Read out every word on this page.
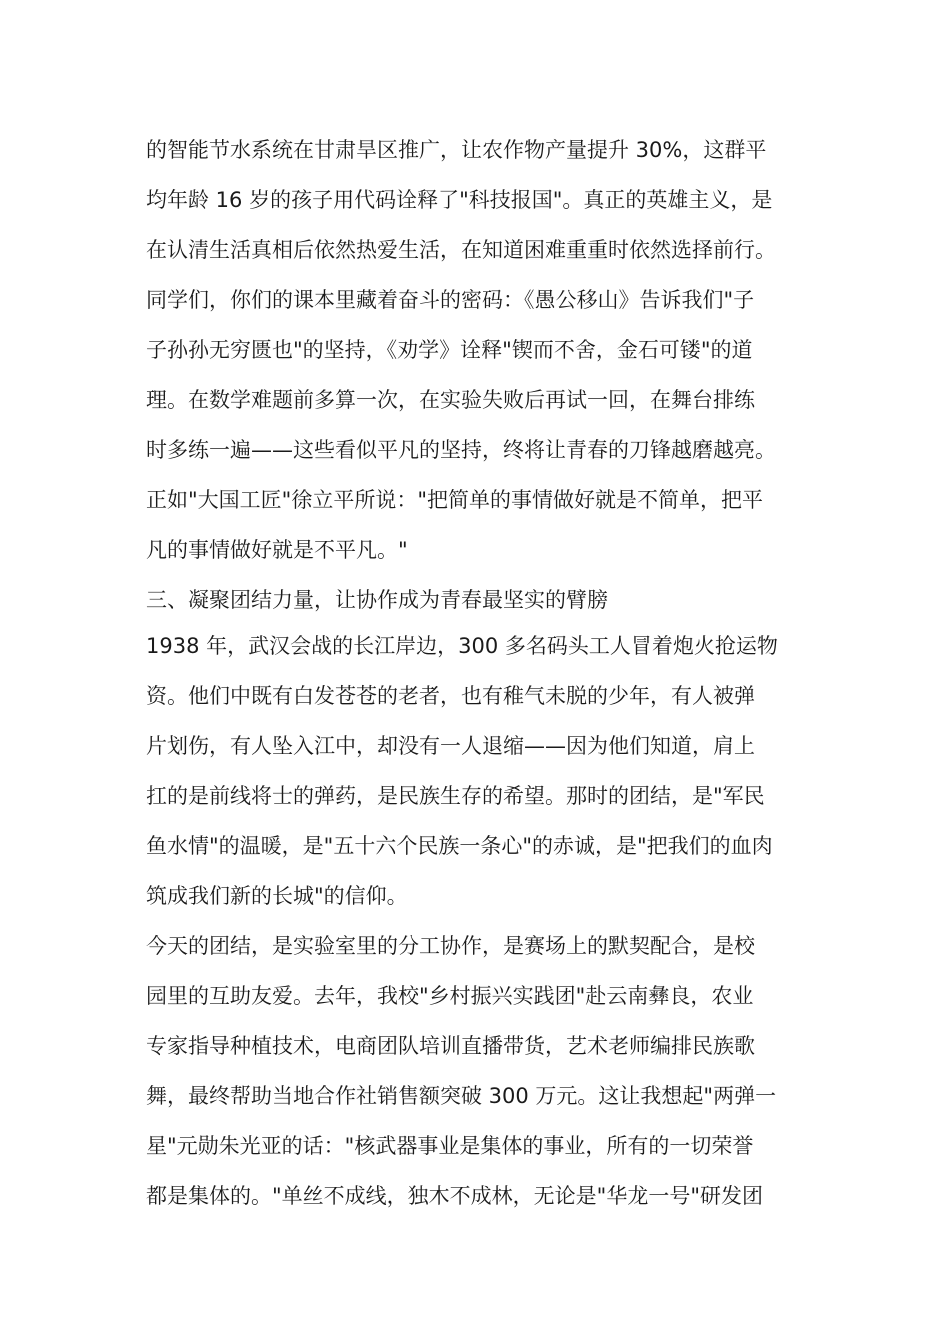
的智能节水系统在甘肃旱区推广，让农作物产量提升 30%，这群平
均年龄 16 岁的孩子用代码诠释了"科技报国"。真正的英雄主义，是
在认清生活真相后依然热爱生活，在知道困难重重时依然选择前行。
同学们，你们的课本里藏着奋斗的密码：《愚公移山》告诉我们"子
子孙孙无穷匮也"的坚持，《劝学》诠释"锲而不舍，金石可镂"的道
理。在数学难题前多算一次，在实验失败后再试一回，在舞台排练
时多练一遍——这些看似平凡的坚持，终将让青春的刀锋越磨越亮。
正如"大国工匠"徐立平所说："把简单的事情做好就是不简单，把平
凡的事情做好就是不平凡。"
三、凝聚团结力量，让协作成为青春最坚实的臂膀
1938 年，武汉会战的长江岸边，300 多名码头工人冒着炮火抢运物
资。他们中既有白发苍苍的老者，也有稚气未脱的少年，有人被弹
片划伤，有人坠入江中，却没有一人退缩——因为他们知道，肩上
扛的是前线将士的弹药，是民族生存的希望。那时的团结，是"军民
鱼水情"的温暖，是"五十六个民族一条心"的赤诚，是"把我们的血肉
筑成我们新的长城"的信仰。
今天的团结，是实验室里的分工协作，是赛场上的默契配合，是校
园里的互助友爱。去年，我校"乡村振兴实践团"赴云南彝良，农业
专家指导种植技术，电商团队培训直播带货，艺术老师编排民族歌
舞，最终帮助当地合作社销售额突破 300 万元。这让我想起"两弹一
星"元勋朱光亚的话："核武器事业是集体的事业，所有的一切荣誉
都是集体的。"单丝不成线，独木不成林，无论是"华龙一号"研发团
